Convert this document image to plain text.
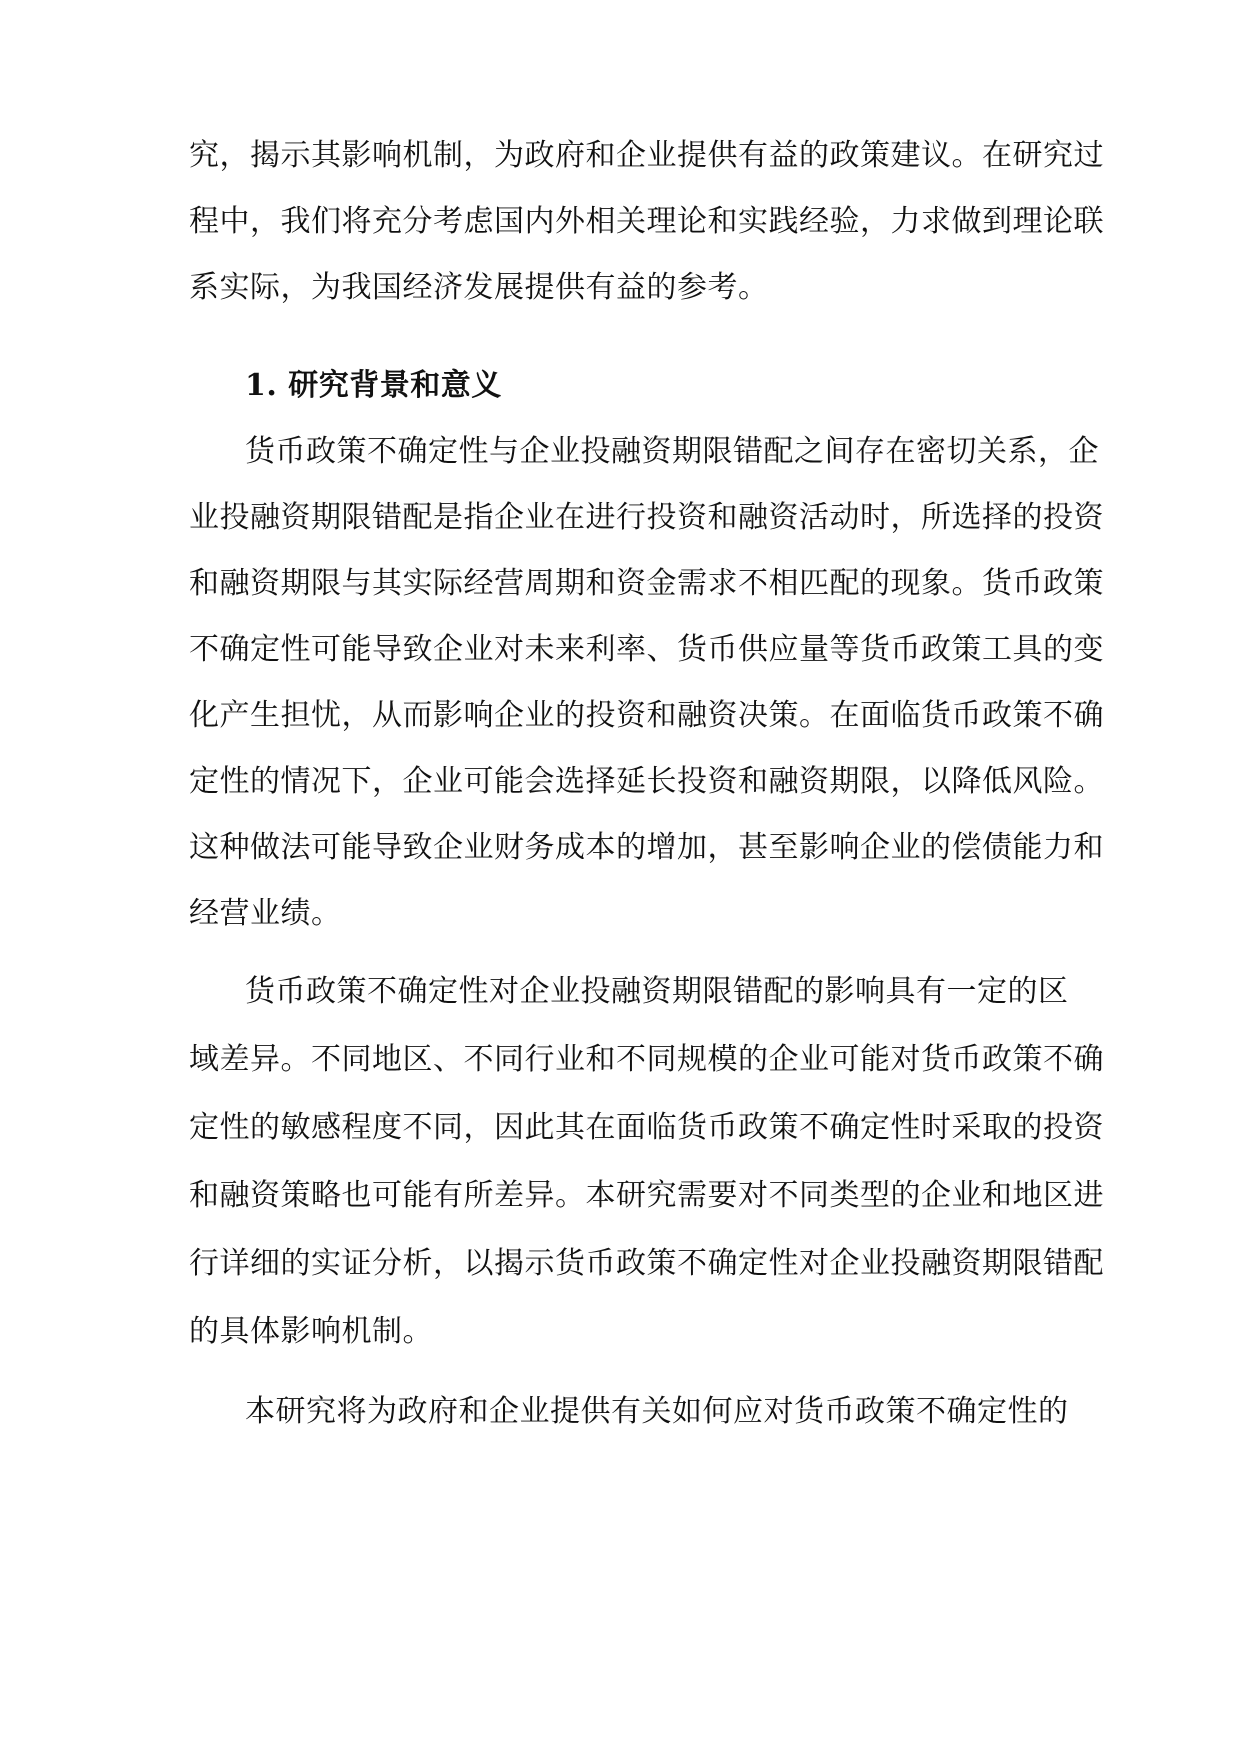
究，揭示其影响机制，为政府和企业提供有益的政策建议。在研究过
程中，我们将充分考虑国内外相关理论和实践经验，力求做到理论联
系实际，为我国经济发展提供有益的参考。
1. 研究背景和意义
货币政策不确定性与企业投融资期限错配之间存在密切关系，企
业投融资期限错配是指企业在进行投资和融资活动时，所选择的投资
和融资期限与其实际经营周期和资金需求不相匹配的现象。货币政策
不确定性可能导致企业对未来利率、货币供应量等货币政策工具的变
化产生担忧，从而影响企业的投资和融资决策。在面临货币政策不确
定性的情况下，企业可能会选择延长投资和融资期限，以降低风险。
这种做法可能导致企业财务成本的增加，甚至影响企业的偿债能力和
经营业绩。
货币政策不确定性对企业投融资期限错配的影响具有一定的区
域差异。不同地区、不同行业和不同规模的企业可能对货币政策不确
定性的敏感程度不同，因此其在面临货币政策不确定性时采取的投资
和融资策略也可能有所差异。本研究需要对不同类型的企业和地区进
行详细的实证分析，以揭示货币政策不确定性对企业投融资期限错配
的具体影响机制。
本研究将为政府和企业提供有关如何应对货币政策不确定性的
